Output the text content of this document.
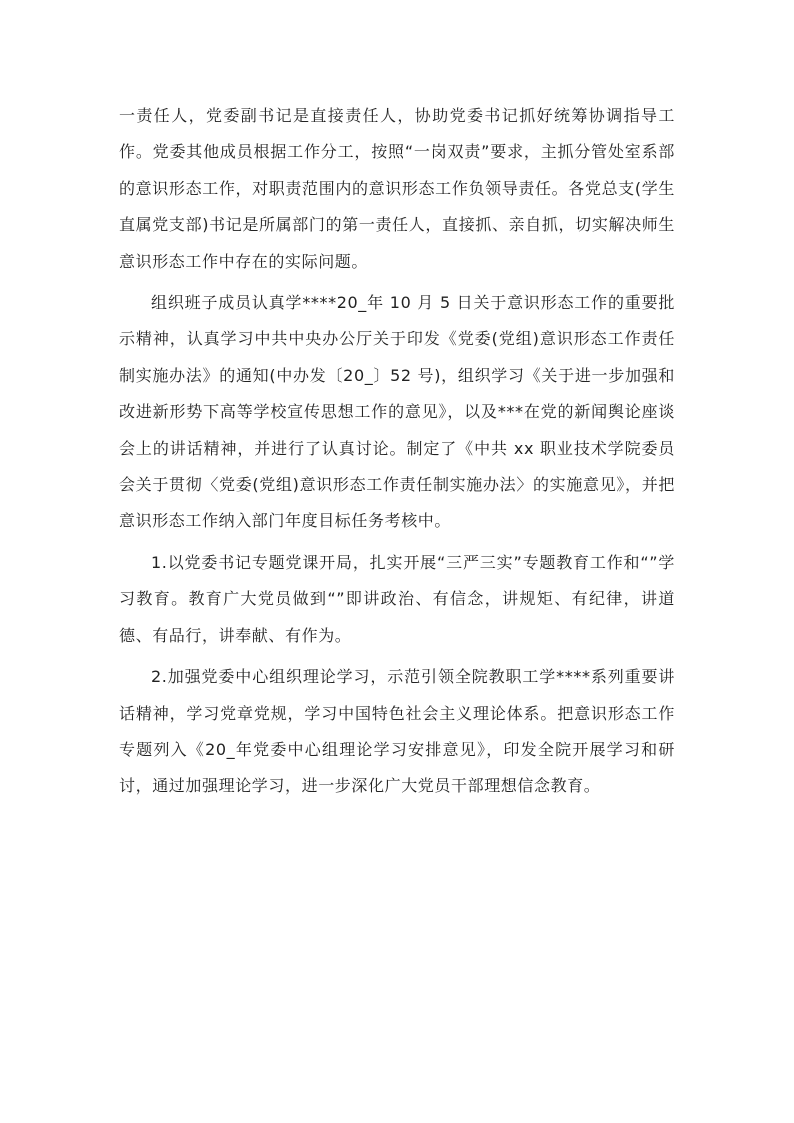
一责任人，党委副书记是直接责任人，协助党委书记抓好统筹协调指导工作。党委其他成员根据工作分工，按照“一岗双责”要求，主抓分管处室系部的意识形态工作，对职责范围内的意识形态工作负领导责任。各党总支(学生直属党支部)书记是所属部门的第一责任人，直接抓、亲自抓，切实解决师生意识形态工作中存在的实际问题。

组织班子成员认真学****20_年 10 月 5 日关于意识形态工作的重要批示精神，认真学习中共中央办公厅关于印发《党委(党组)意识形态工作责任制实施办法》的通知(中办发〔20_〕52 号)，组织学习《关于进一步加强和改进新形势下高等学校宣传思想工作的意见》，以及***在党的新闻舆论座谈会上的讲话精神，并进行了认真讨论。制定了《中共 xx 职业技术学院委员会关于贯彻〈党委(党组)意识形态工作责任制实施办法〉的实施意见》，并把意识形态工作纳入部门年度目标任务考核中。

1.以党委书记专题党课开局，扎实开展“三严三实”专题教育工作和“”学习教育。教育广大党员做到“”即讲政治、有信念，讲规矩、有纪律，讲道德、有品行，讲奉献、有作为。

2.加强党委中心组织理论学习，示范引领全院教职工学****系列重要讲话精神，学习党章党规，学习中国特色社会主义理论体系。把意识形态工作专题列入《20_年党委中心组理论学习安排意见》，印发全院开展学习和研讨，通过加强理论学习，进一步深化广大党员干部理想信念教育。
